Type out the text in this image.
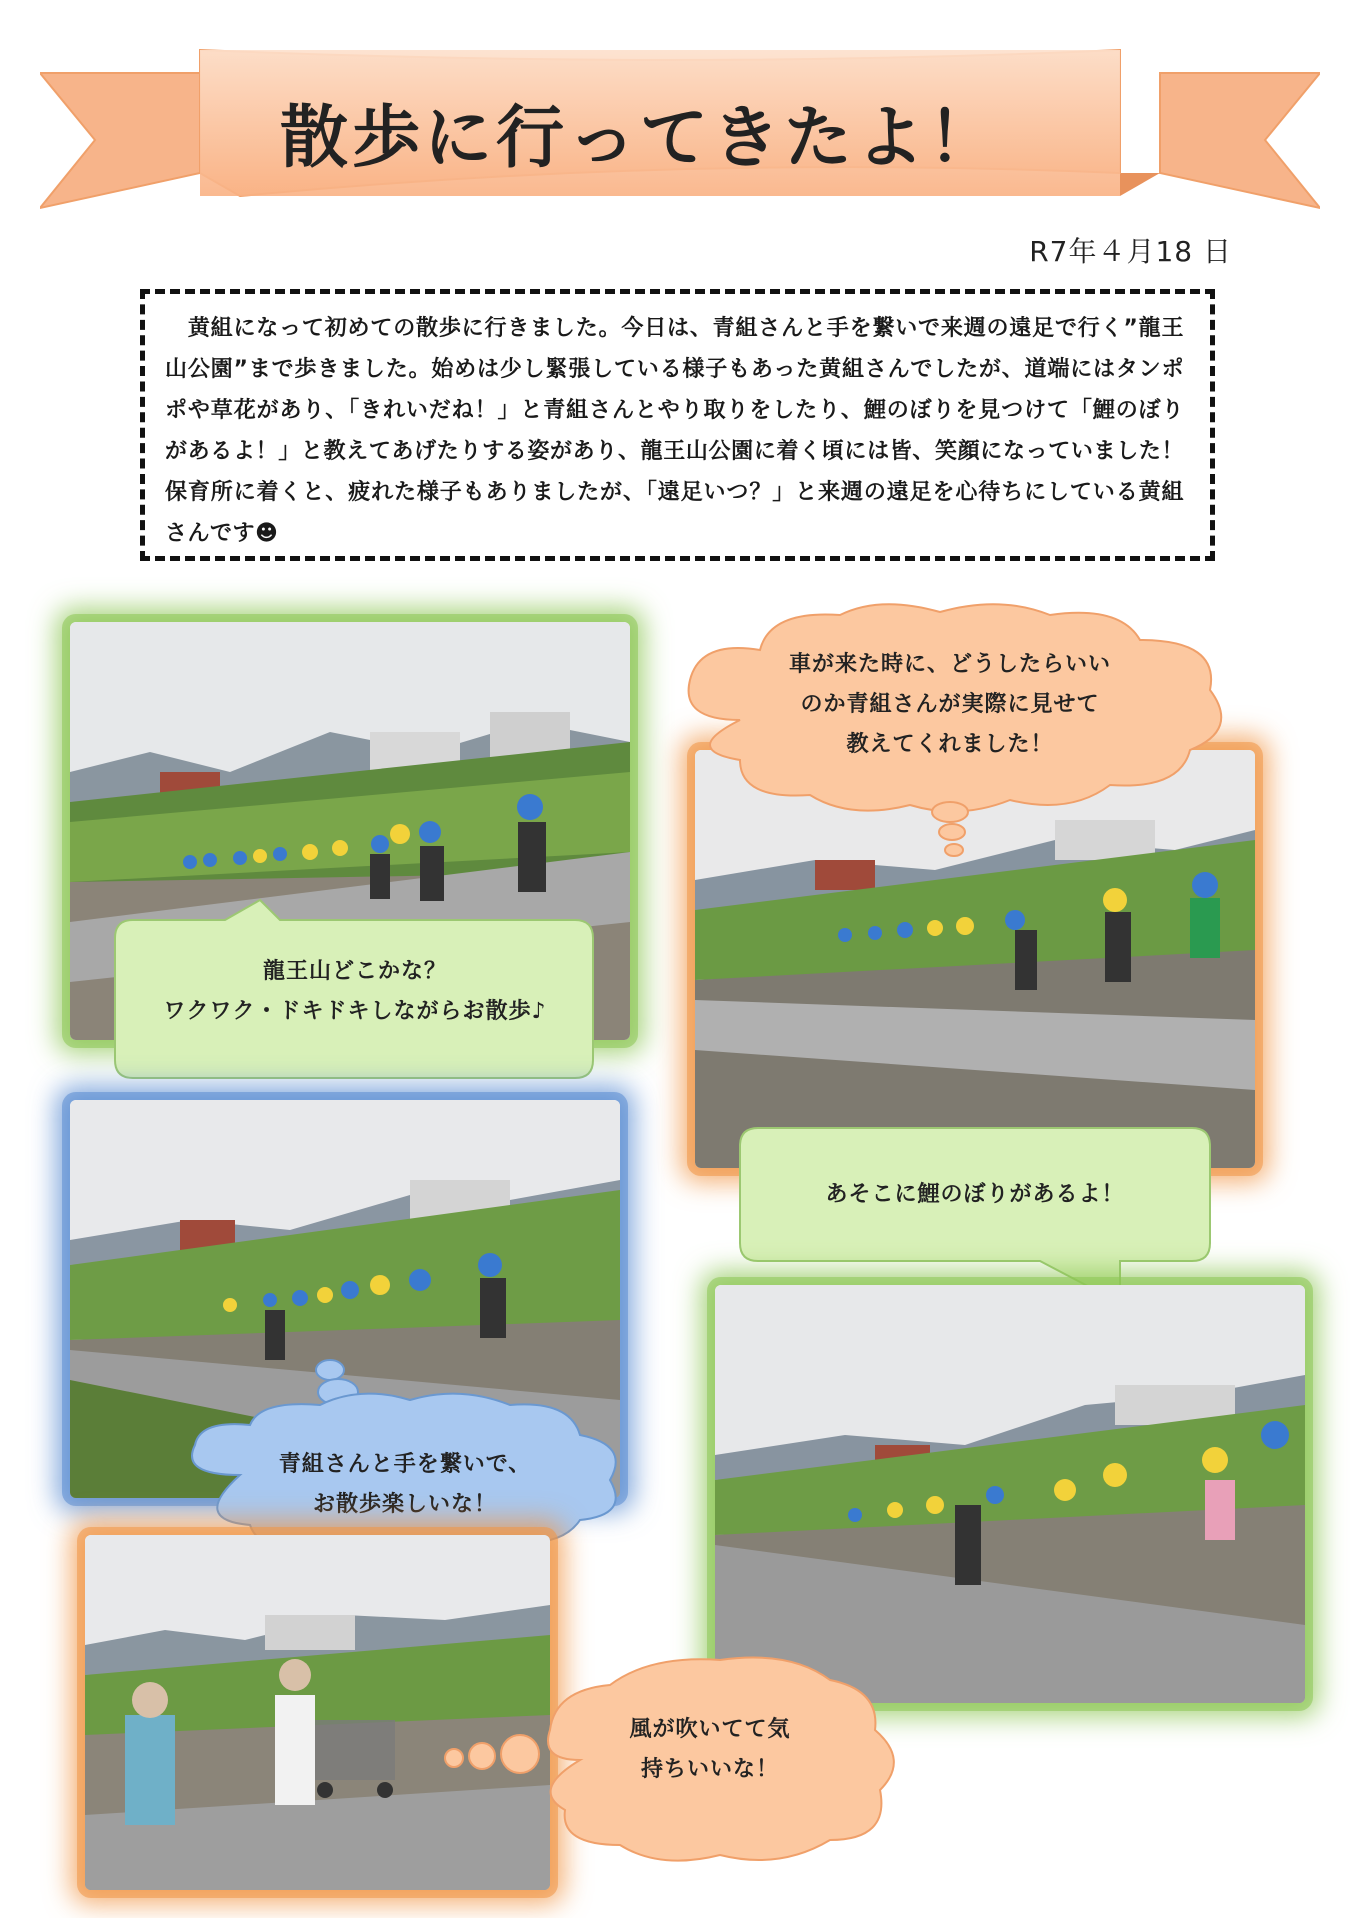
散歩に行ってきたよ！
R7年４月18 日

　黄組になって初めての散歩に行きました。今日は、青組さんと手を繋いで来週の遠足で行く”龍王山公園”まで歩きました。始めは少し緊張している様子もあった黄組さんでしたが、道端にはタンポポや草花があり、「きれいだね！」と青組さんとやり取りをしたり、鯉のぼりを見つけて「鯉のぼりがあるよ！」と教えてあげたりする姿があり、龍王山公園に着く頃には皆、笑顔になっていました！保育所に着くと、疲れた様子もありましたが、「遠足いつ？」と来週の遠足を心待ちにしている黄組さんです☻

龍王山どこかな？
ワクワク・ドキドキしながらお散歩♪
車が来た時に、どうしたらいい
のか青組さんが実際に見せて
教えてくれました！
青組さんと手を繋いで、
お散歩楽しいな！
あそこに鯉のぼりがあるよ！
風が吹いてて気
持ちいいな！
